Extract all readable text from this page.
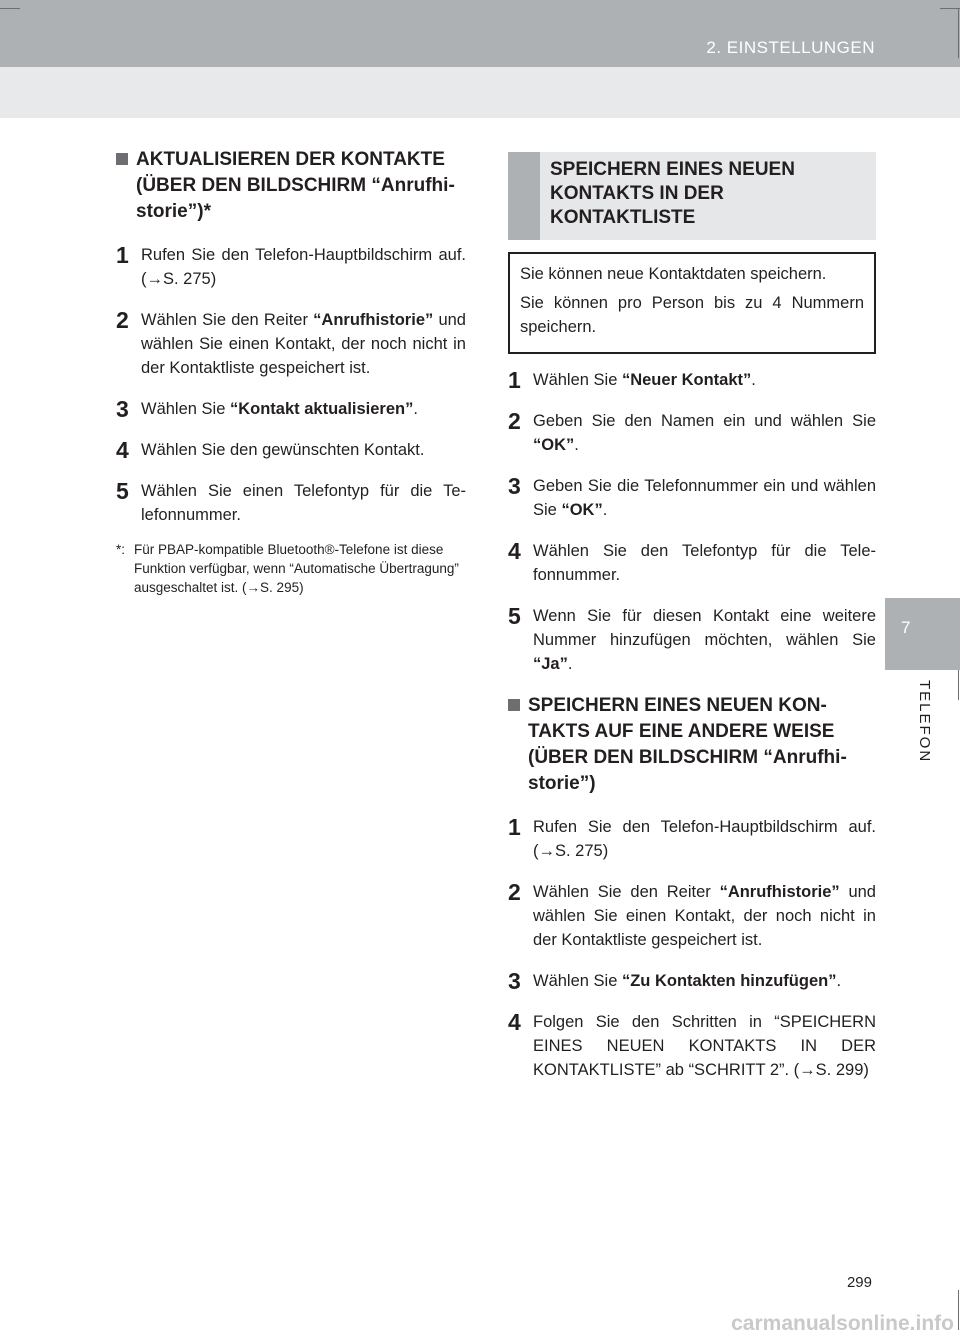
2. EINSTELLUNGEN
7
TELEFON
AKTUALISIEREN DER KONTAKTE (ÜBER DEN BILDSCHIRM “Anrufhistorie”)*
1 Rufen Sie den Telefon-Hauptbildschirm auf. (→S. 275)
2 Wählen Sie den Reiter “Anrufhistorie” und wählen Sie einen Kontakt, der noch nicht in der Kontaktliste gespeichert ist.
3 Wählen Sie “Kontakt aktualisieren”.
4 Wählen Sie den gewünschten Kontakt.
5 Wählen Sie einen Telefontyp für die Telefonnummer.
*: Für PBAP-kompatible Bluetooth®-Telefone ist diese Funktion verfügbar, wenn “Automatische Übertragung” ausgeschaltet ist. (→S. 295)
SPEICHERN EINES NEUEN KONTAKTS IN DER KONTAKTLISTE

Sie können neue Kontaktdaten speichern.

Sie können pro Person bis zu 4 Nummern speichern.

1 Wählen Sie “Neuer Kontakt”.
2 Geben Sie den Namen ein und wählen Sie “OK”.
3 Geben Sie die Telefonnummer ein und wählen Sie “OK”.
4 Wählen Sie den Telefontyp für die Telefonnummer.
5 Wenn Sie für diesen Kontakt eine weitere Nummer hinzufügen möchten, wählen Sie “Ja”.
SPEICHERN EINES NEUEN KONTAKTS AUF EINE ANDERE WEISE (ÜBER DEN BILDSCHIRM “Anrufhistorie”)
1 Rufen Sie den Telefon-Hauptbildschirm auf. (→S. 275)
2 Wählen Sie den Reiter “Anrufhistorie” und wählen Sie einen Kontakt, der noch nicht in der Kontaktliste gespeichert ist.
3 Wählen Sie “Zu Kontakten hinzufügen”.
4 Folgen Sie den Schritten in “SPEICHERN EINES NEUEN KONTAKTS IN DER KONTAKTLISTE” ab “SCHRITT 2”. (→S. 299)
299
carmanualsonline.info
